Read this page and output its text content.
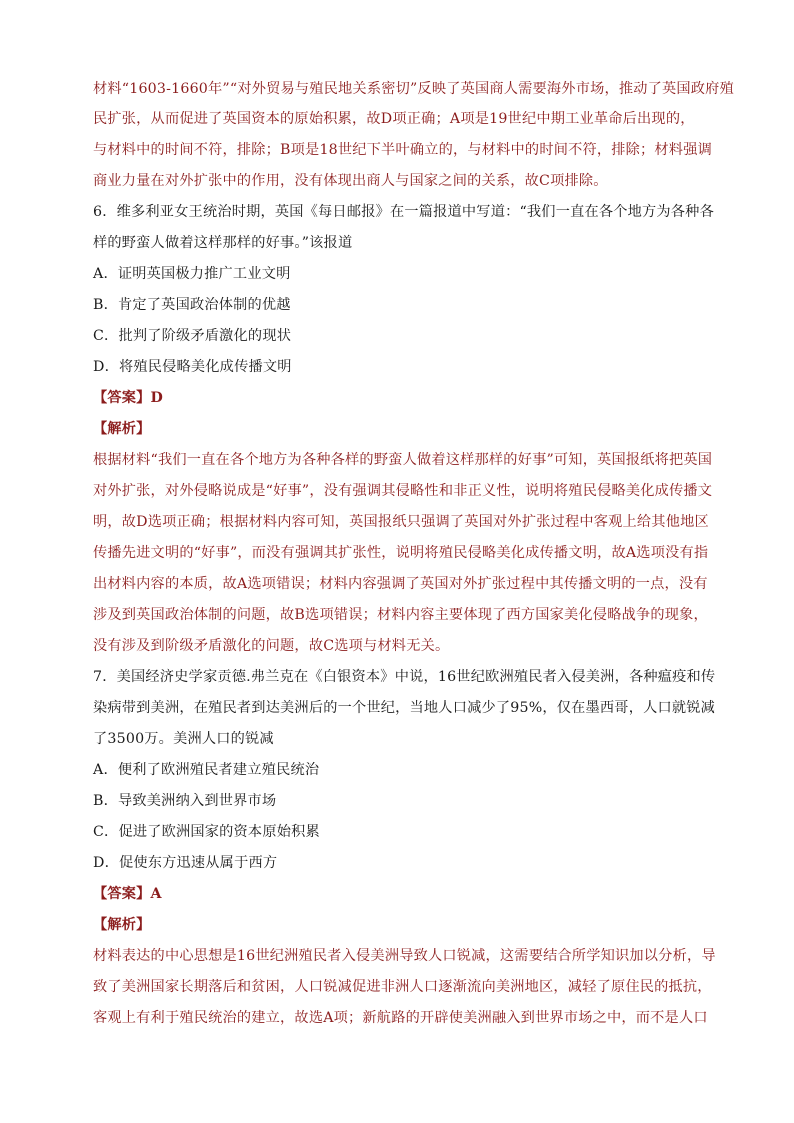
材料“1603-1660年”“对外贸易与殖民地关系密切”反映了英国商人需要海外市场，推动了英国政府殖
民扩张，从而促进了英国资本的原始积累，故D项正确；A项是19世纪中期工业革命后出现的，
与材料中的时间不符，排除；B项是18世纪下半叶确立的，与材料中的时间不符，排除；材料强调
商业力量在对外扩张中的作用，没有体现出商人与国家之间的关系，故C项排除。
6．维多利亚女王统治时期，英国《每日邮报》在一篇报道中写道：“我们一直在各个地方为各种各
样的野蛮人做着这样那样的好事。”该报道
A．证明英国极力推广工业文明
B．肯定了英国政治体制的优越
C．批判了阶级矛盾激化的现状
D．将殖民侵略美化成传播文明
【答案】D
【解析】
根据材料“我们一直在各个地方为各种各样的野蛮人做着这样那样的好事”可知，英国报纸将把英国
对外扩张，对外侵略说成是“好事”，没有强调其侵略性和非正义性，说明将殖民侵略美化成传播文
明，故D选项正确；根据材料内容可知，英国报纸只强调了英国对外扩张过程中客观上给其他地区
传播先进文明的“好事”，而没有强调其扩张性，说明将殖民侵略美化成传播文明，故A选项没有指
出材料内容的本质，故A选项错误；材料内容强调了英国对外扩张过程中其传播文明的一点，没有
涉及到英国政治体制的问题，故B选项错误；材料内容主要体现了西方国家美化侵略战争的现象，
没有涉及到阶级矛盾激化的问题，故C选项与材料无关。
7．美国经济史学家贡德.弗兰克在《白银资本》中说，16世纪欧洲殖民者入侵美洲，各种瘟疫和传
染病带到美洲，在殖民者到达美洲后的一个世纪，当地人口减少了95%，仅在墨西哥，人口就锐减
了3500万。美洲人口的锐减
A．便利了欧洲殖民者建立殖民统治
B．导致美洲纳入到世界市场
C．促进了欧洲国家的资本原始积累
D．促使东方迅速从属于西方
【答案】A
【解析】
材料表达的中心思想是16世纪洲殖民者入侵美洲导致人口锐减，这需要结合所学知识加以分析，导
致了美洲国家长期落后和贫困，人口锐减促进非洲人口逐渐流向美洲地区，减轻了原住民的抵抗，
客观上有利于殖民统治的建立，故选A项；新航路的开辟使美洲融入到世界市场之中，而不是人口
